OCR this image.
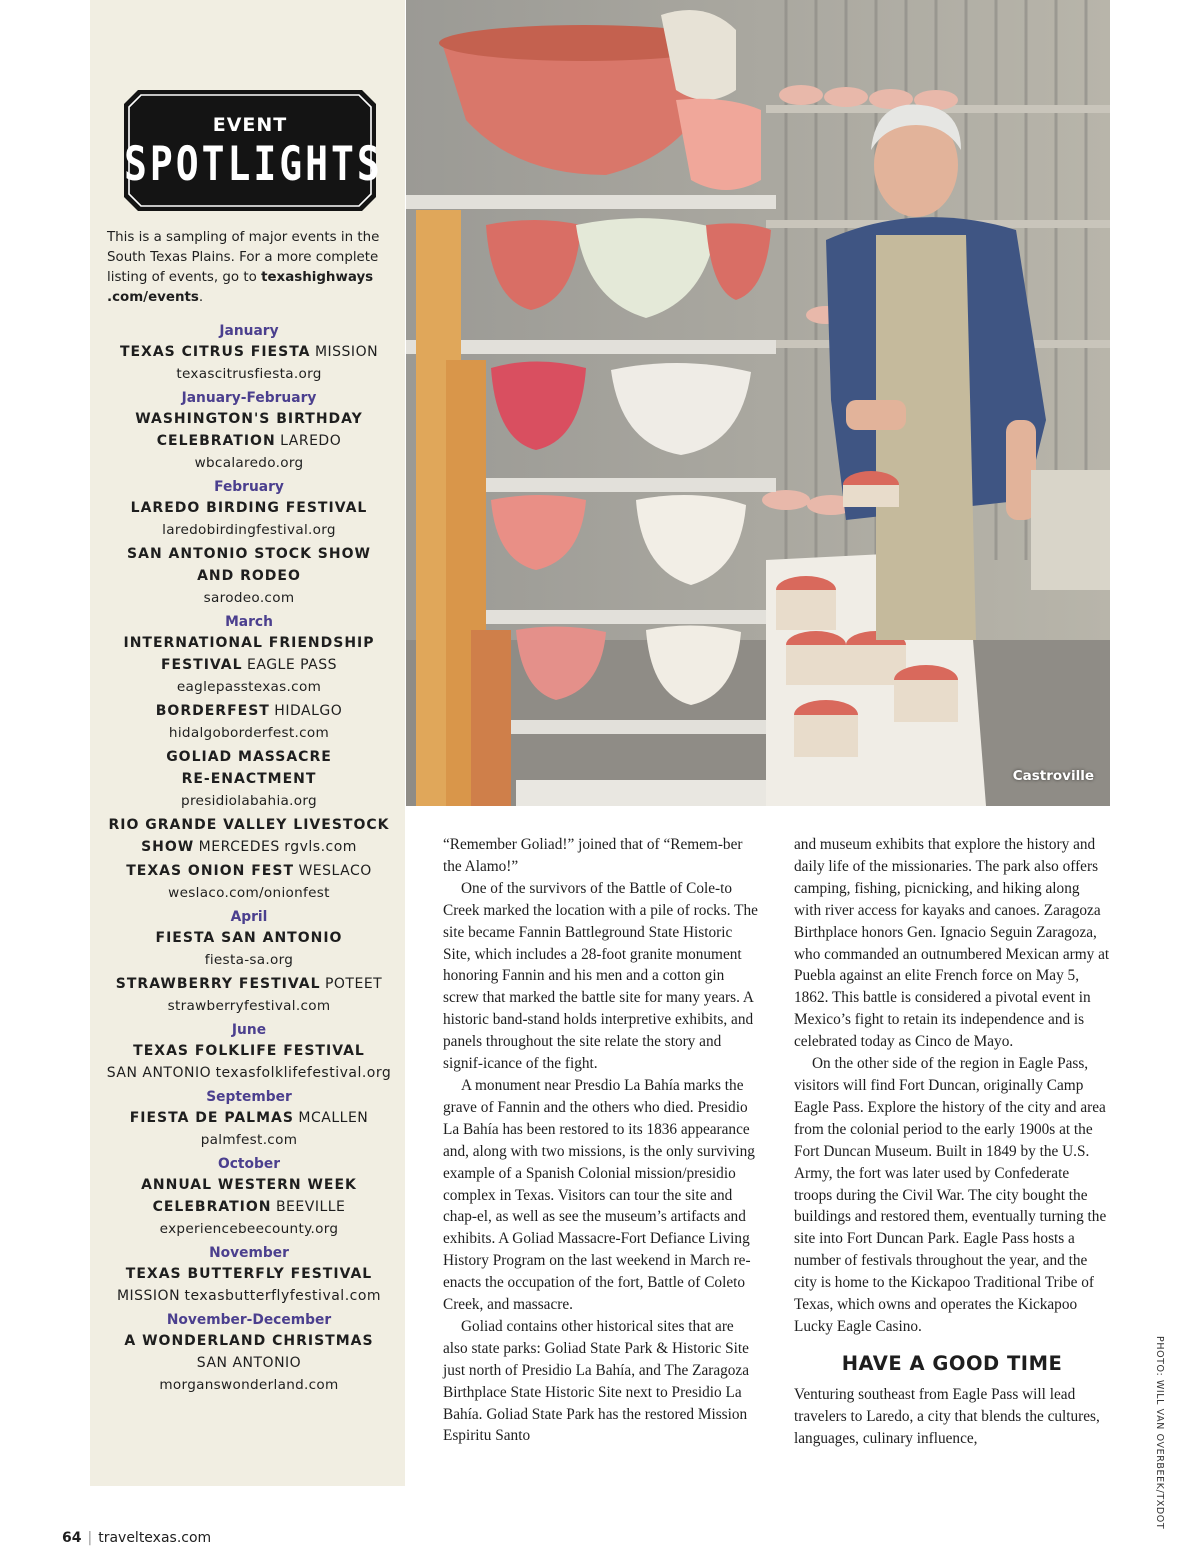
EVENT
SPOTLIGHTS
This is a sampling of major events in the South Texas Plains. For a more complete listing of events, go to texashighways
.com/events.
January
TEXAS CITRUS FIESTA MISSION
texascitrusfiesta.org
January-February
WASHINGTON'S BIRTHDAY
CELEBRATION LAREDO
wbcalaredo.org
February
LAREDO BIRDING FESTIVAL
laredobirdingfestival.org
SAN ANTONIO STOCK SHOW
AND RODEO
sarodeo.com
March
INTERNATIONAL FRIENDSHIP
FESTIVAL EAGLE PASS
eaglepasstexas.com
BORDERFEST HIDALGO
hidalgoborderfest.com
GOLIAD MASSACRE
RE-ENACTMENT
presidiolabahia.org
RIO GRANDE VALLEY LIVESTOCK
SHOW MERCEDES rgvls.com
TEXAS ONION FEST WESLACO
weslaco.com/onionfest
April
FIESTA SAN ANTONIO
fiesta-sa.org
STRAWBERRY FESTIVAL POTEET
strawberryfestival.com
June
TEXAS FOLKLIFE FESTIVAL
SAN ANTONIO texasfolklifefestival.org
September
FIESTA DE PALMAS MCALLEN
palmfest.com
October
ANNUAL WESTERN WEEK
CELEBRATION BEEVILLE
experiencebeecounty.org
November
TEXAS BUTTERFLY FESTIVAL
MISSION texasbutterflyfestival.com
November-December
A WONDERLAND CHRISTMAS
SAN ANTONIO
morganswonderland.com
Castroville

“Remember Goliad!” joined that of “Remem-ber the Alamo!”

One of the survivors of the Battle of Cole-to Creek marked the location with a pile of rocks. The site became Fannin Battleground State Historic Site, which includes a 28-foot granite monument honoring Fannin and his men and a cotton gin screw that marked the battle site for many years. A historic band-stand holds interpretive exhibits, and panels throughout the site relate the story and signif-icance of the fight.

A monument near Presdio La Bahía marks the grave of Fannin and the others who died. Presidio La Bahía has been restored to its 1836 appearance and, along with two missions, is the only surviving example of a Spanish Colonial mission/presidio complex in Texas. Visitors can tour the site and chap-el, as well as see the museum’s artifacts and exhibits. A Goliad Massacre-Fort Defiance Living History Program on the last weekend in March re-enacts the occupation of the fort, Battle of Coleto Creek, and massacre.

Goliad contains other historical sites that are also state parks: Goliad State Park & Historic Site just north of Presidio La Bahía, and The Zaragoza Birthplace State Historic Site next to Presidio La Bahía. Goliad State Park has the restored Mission Espiritu Santo

and museum exhibits that explore the history and daily life of the missionaries. The park also offers camping, fishing, picnicking, and hiking along with river access for kayaks and canoes. Zaragoza Birthplace honors Gen. Ignacio Seguin Zaragoza, who commanded an outnumbered Mexican army at Puebla against an elite French force on May 5, 1862. This battle is considered a pivotal event in Mexico’s fight to retain its independence and is celebrated today as Cinco de Mayo.

On the other side of the region in Eagle Pass, visitors will find Fort Duncan, originally Camp Eagle Pass. Explore the history of the city and area from the colonial period to the early 1900s at the Fort Duncan Museum. Built in 1849 by the U.S. Army, the fort was later used by Confederate troops during the Civil War. The city bought the buildings and restored them, eventually turning the site into Fort Duncan Park. Eagle Pass hosts a number of festivals throughout the year, and the city is home to the Kickapoo Traditional Tribe of Texas, which owns and operates the Kickapoo Lucky Eagle Casino.

HAVE A GOOD TIME

Venturing southeast from Eagle Pass will lead travelers to Laredo, a city that blends the cultures, languages, culinary influence,

64 | traveltexas.com
PHOTO: WILL VAN OVERBEEK/TXDOT
